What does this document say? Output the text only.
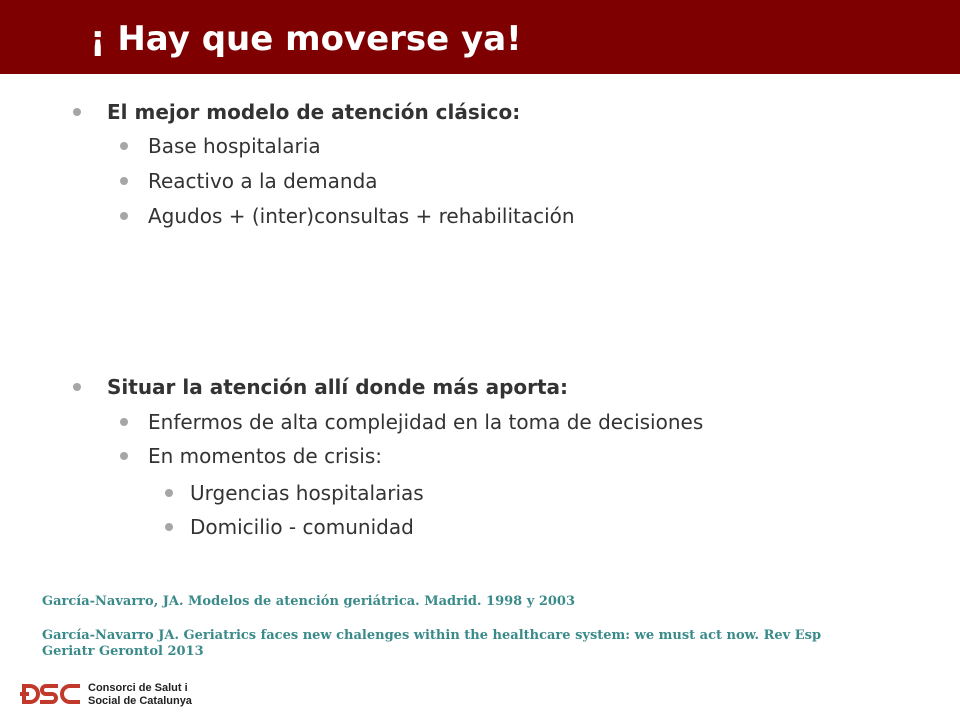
¡ Hay que moverse ya!
El mejor modelo de atención clásico:
Base hospitalaria
Reactivo a la demanda
Agudos + (inter)consultas + rehabilitación
Situar la atención allí donde más aporta:
Enfermos de alta complejidad en la toma de decisiones
En momentos de crisis:
Urgencias hospitalarias
Domicilio - comunidad

García-Navarro, JA. Modelos de atención geriátrica. Madrid. 1998 y 2003

García-Navarro JA. Geriatrics faces new chalenges within the healthcare system: we must act now. Rev Esp Geriatr Gerontol 2013

Consorci de Salut i
Social de Catalunya
